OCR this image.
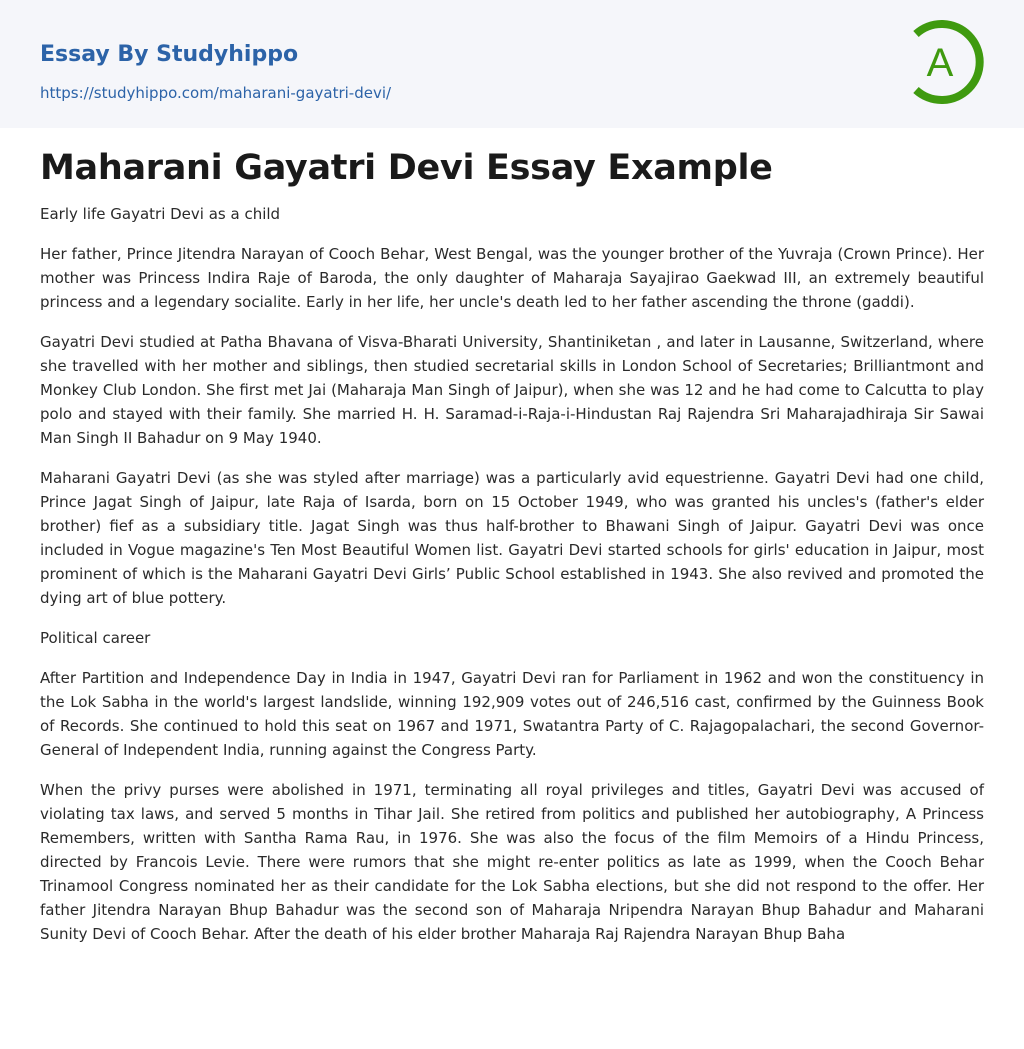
Essay By Studyhippo
https://studyhippo.com/maharani-gayatri-devi/
A
Maharani Gayatri Devi Essay Example

Early life Gayatri Devi as a child

Her father, Prince Jitendra Narayan of Cooch Behar, West Bengal, was the younger brother of the Yuvraja (Crown Prince). Her mother was Princess Indira Raje of Baroda, the only daughter of Maharaja Sayajirao Gaekwad III, an extremely beautiful princess and a legendary socialite. Early in her life, her uncle's death led to her father ascending the throne (gaddi).

Gayatri Devi studied at Patha Bhavana of Visva-Bharati University, Shantiniketan , and later in Lausanne, Switzerland, where she travelled with her mother and siblings, then studied secretarial skills in London School of Secretaries; Brilliantmont and Monkey Club London. She first met Jai (Maharaja Man Singh of Jaipur), when she was 12 and he had come to Calcutta to play polo and stayed with their family. She married H. H. Saramad-i-Raja-i-Hindustan Raj Rajendra Sri Maharajadhiraja Sir Sawai Man Singh II Bahadur on 9 May 1940.

Maharani Gayatri Devi (as she was styled after marriage) was a particularly avid equestrienne. Gayatri Devi had one child, Prince Jagat Singh of Jaipur, late Raja of Isarda, born on 15 October 1949, who was granted his uncles's (father's elder brother) fief as a subsidiary title. Jagat Singh was thus half-brother to Bhawani Singh of Jaipur. Gayatri Devi was once included in Vogue magazine's Ten Most Beautiful Women list. Gayatri Devi started schools for girls' education in Jaipur, most prominent of which is the Maharani Gayatri Devi Girls’ Public School established in 1943. She also revived and promoted the dying art of blue pottery.

Political career

After Partition and Independence Day in India in 1947, Gayatri Devi ran for Parliament in 1962 and won the constituency in the Lok Sabha in the world's largest landslide, winning 192,909 votes out of 246,516 cast, confirmed by the Guinness Book of Records. She continued to hold this seat on 1967 and 1971, Swatantra Party of C. Rajagopalachari, the second Governor-General of Independent India, running against the Congress Party.

When the privy purses were abolished in 1971, terminating all royal privileges and titles, Gayatri Devi was accused of violating tax laws, and served 5 months in Tihar Jail. She retired from politics and published her autobiography, A Princess Remembers, written with Santha Rama Rau, in 1976. She was also the focus of the film Memoirs of a Hindu Princess, directed by Francois Levie. There were rumors that she might re-enter politics as late as 1999, when the Cooch Behar Trinamool Congress nominated her as their candidate for the Lok Sabha elections, but she did not respond to the offer. Her father Jitendra Narayan Bhup Bahadur was the second son of Maharaja Nripendra Narayan Bhup Bahadur and Maharani Sunity Devi of Cooch Behar. After the death of his elder brother Maharaja Raj Rajendra Narayan Bhup Baha
